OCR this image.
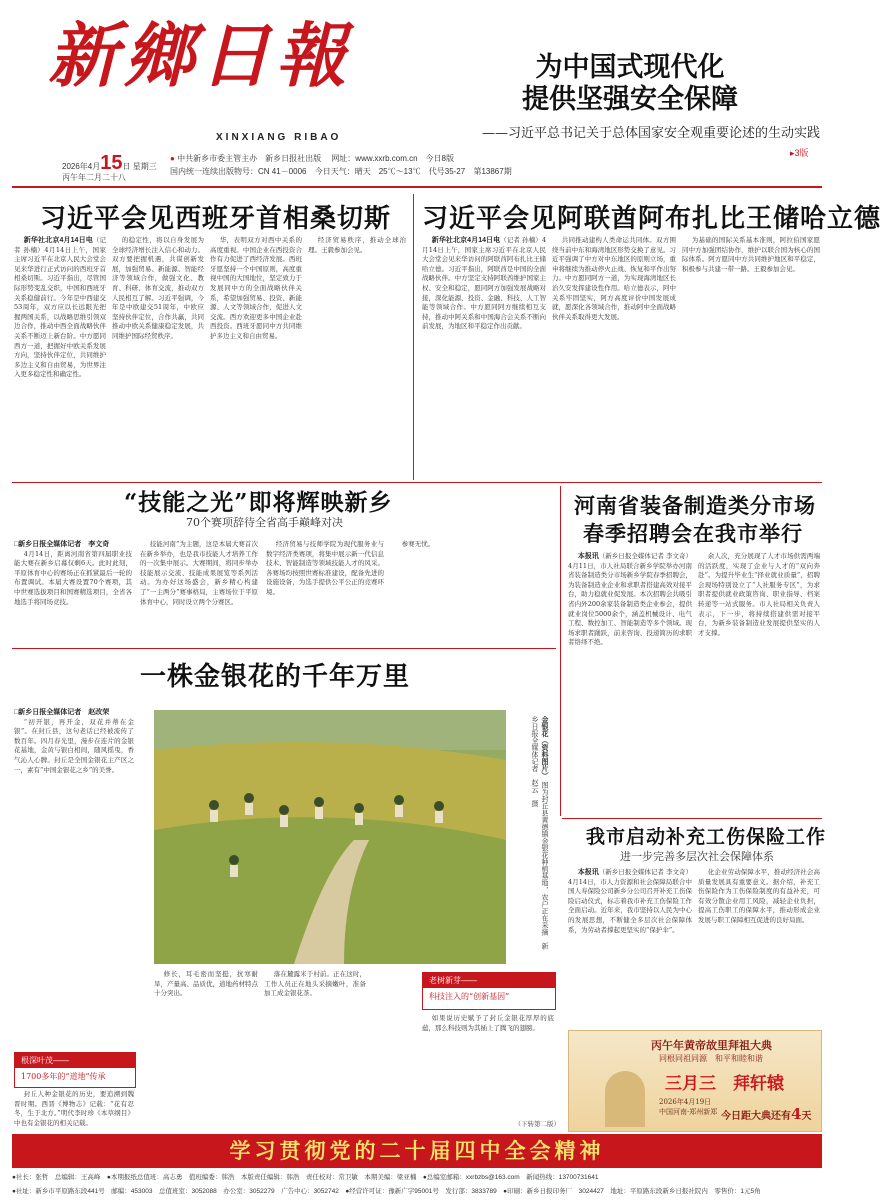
新鄉日報
XINXIANG RIBAO
2026年4月15日 星期三
丙午年二月二十八
● 中共新乡市委主管主办　新乡日报社出版 网址：www.xxrb.com.cn　今日8版
国内统一连续出版物号：CN 41－0006 今日天气：晴天　25℃～13℃ 代号35-27 第13867期
为中国式现代化
提供坚强安全保障
——习近平总书记关于总体国家安全观重要论述的生动实践
▸3版
习近平会见西班牙首相桑切斯 习近平会见阿联酋阿布扎比王储哈立德

新华社北京4月14日电（记者 孙楠）4月14日上午，国家主席习近平在北京人民大会堂会见来华进行正式访问的西班牙首相桑切斯。习近平指出，尽管国际形势变乱交织，中国和西班牙关系稳健前行。今年是中西建交53周年，双方应以长远眼光把握两国关系，以战略思维引领双边合作，推动中西全面战略伙伴关系不断迈上新台阶。中方愿同西方一道，把握好中欧关系发展方向，坚持伙伴定位，共同维护多边主义和自由贸易，为世界注入更多稳定性和确定性。

的稳定性，将以自身发展为全球经济增长注入信心和动力。双方要把握机遇，共谋创新发展，加强贸易、新能源、智能经济等领域合作，做强文化、教育、科研、体育交流，推动双方人民相互了解。习近平强调，今年是中欧建交51周年，中欧应坚持伙伴定位，合作共赢，共同推动中欧关系健康稳定发展，共同维护国际经贸秩序。

华，表明双方对西中关系的高度重视。中国企业在西投资合作有力促进了西经济发展。西班牙愿坚持一个中国原则，高度重视中国的大国地位，坚定致力于发展同中方的全面战略伙伴关系，希望加强贸易、投资、新能源、人文等领域合作，促进人文交流。西方欢迎更多中国企业赴西投资。西班牙愿同中方共同维护多边主义和自由贸易。

经济贸易秩序，推动全球治理。王毅参加会见。

新华社北京4月14日电（记者 孙楠）4月14日上午，国家主席习近平在北京人民大会堂会见来华访问的阿联酋阿布扎比王储哈立德。习近平指出，阿联酋是中国的全面战略伙伴。中方坚定支持阿联酋维护国家主权、安全和稳定，愿同阿方加强发展战略对接，深化能源、投资、金融、科技、人工智能等领域合作。中方愿同阿方继续相互支持，推动中阿关系和中国海合会关系不断向前发展，为地区和平稳定作出贡献。

共同推动建构人类命运共同体。双方围绕当前中东和海湾地区形势交换了意见。习近平强调了中方对中东地区的原则立场，重申将继续为推动停火止战、恢复和平作出努力。中方愿同阿方一道，为实现海湾地区长治久安发挥建设性作用。哈立德表示，阿中关系牢固坚实，阿方高度评价中国发展成就，愿深化各领域合作，推动阿中全面战略伙伴关系取得更大发展。

为基础的国际关系基本准则，阿拉伯国家愿同中方加强团结协作，维护以联合国为核心的国际体系。阿方愿同中方共同维护地区和平稳定，积极参与共建一带一路。王毅参加会见。

“技能之光”即将辉映新乡
70个赛项辞待全省高手巅峰对决
□新乡日报全媒体记者　李文奇

4月14日，距离河南省第四届职业技能大赛在新乡启幕仅剩6天。此时此刻，平原体育中心的赛场正在抓紧最后一轮的布置调试。本届大赛设置70个赛项，其中世赛选拔项目和国赛精选项目，全省各地选手将同场竞技。

技能河南”为主题，这是本届大赛首次在新乡举办，也是我市技能人才培养工作的一次集中展示。大赛期间，将同步举办技能展示交流、技能成果展览等系列活动。为办好这场盛会，新乡精心构建了“一主两分”赛事格局，主赛场位于平原体育中心，同时设立两个分赛区。

经济贸易与技师学院为现代服务业与数字经济类赛项，将集中展示新一代信息技术、智能制造等领域技能人才的风采。各赛场均按照世赛标准建设，配备先进的设施设备，为选手提供公平公正的竞赛环境。

参赛无忧。

河南省装备制造类分市场
春季招聘会在我市举行

本报讯（新乡日报全媒体记者 李文奇）4月11日，市人社局联合新乡学院举办河南省装备制造类分市场新乡学院春季招聘会，为装备制造业企业和求职者搭建高效对接平台，助力稳就业促发展。本次招聘会共吸引省内外200余家装备制造类企业参会，提供就业岗位5000余个，涵盖机械设计、电气工程、数控加工、智能制造等多个领域。现场求职者踊跃，前来咨询、投递简历的求职者络绎不绝。

余人次，充分展现了人才市场供需两端的活跃度，实现了企业与人才的“双向奔赴”。为提升毕业生“择业就业质量”，招聘会现场特别设立了“人社服务专区”，为求职者提供就业政策咨询、职业指导、档案转递等一站式服务。市人社局相关负责人表示，下一步，将持续搭建供需对接平台，为新乡装备制造业发展提供坚实的人才支撑。

一株金银花的千年万里
□新乡日报全媒体记者　赵改荣

“初开银，再开金，双花并蒂在金银”。在封丘县，这句老话已经被流传了数百年。四月春光里，漫步在连片的金银花基地，金黄与银白相间，随风摇曳，香气沁人心脾。封丘是全国金银花主产区之一，素有“中国金银花之乡”的美誉。	金银花（资料图片） 图为封丘县黄德镇金银花种植基地，农户正在采摘　新乡日报全媒体记者　赵云　摄

修长，耳毛密而坚挺，抗寒耐旱，产量高、品质优，道地药材特点十分突出。

落在麓露米于村前。正在这时，工作人员正在地头采摘嫩叶，准备加工成金银花茶。

老树新芽——
科技注入的“创新基因”

如果说历史赋予了封丘金银花厚厚的底蕴，那么科技则为其插上了腾飞的翅膀。

（下转第二版）
根深叶茂——
1700多年的“道地”传承

封丘人种金银花的历史，要追溯到魏晋时期。西晋《博物志》记载：“花有忍冬，生于北方。”明代李时珍《本草纲目》中也有金银花的相关记载。

我市启动补充工伤保险工作
进一步完善多层次社会保障体系

本报讯（新乡日报全媒体记者 李文奇）4月14日，市人力资源和社会保障局联合中国人寿保险公司新乡分公司召开补充工伤保险启动仪式，标志着我市补充工伤保险工作全面启动。近年来，我市坚持以人民为中心的发展思想，不断健全多层次社会保障体系，为劳动者撑起更坚实的“保护伞”。

化企业劳动保障水平，推动经济社会高质量发展具有重要意义。据介绍，补充工伤保险作为工伤保险制度的有益补充，可有效分散企业用工风险，减轻企业负担，提高工伤职工的保障水平，推动形成企业发展与职工保障相互促进的良好局面。

丙午年黄帝故里拜祖大典
同根同祖同源　和平和睦和谐
三月三　拜轩辕
2026年4月19日
中国河南·郑州新郑 今日距大典还有4天
学习贯彻党的二十届四中全会精神
●社长：张哲　总编辑：王高峰　●本期报纸总值班：高志勇　值班编委：韩浩　本版责任编辑：韩浩　责任校对：常卫敏　本期美编：梁亚楠　●总编室邮箱：xxrbzbs@163.com　新闻热线：13700731641
●社址：新乡市平原路东段441号　邮编：453003　总值班室：3052088　办公室：3052279　广告中心：3052742　●经营许可证：豫新广字95001号　发行部：3833789　●印刷：新乡日报印务厂　3024427　地址：平原路东段新乡日报社院内　零售价：1元5角
